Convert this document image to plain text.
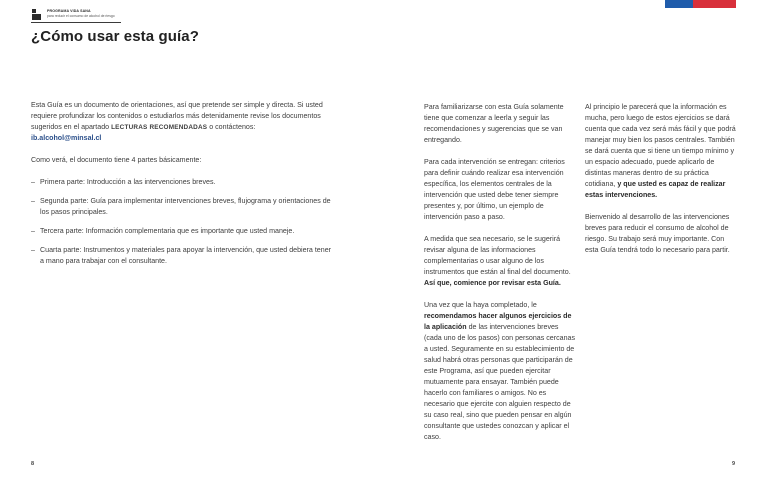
PROGRAMA VIDA SANA
para reducir el consumo de alcohol de riesgo
¿Cómo usar esta guía?

Esta Guía es un documento de orientaciones, así que pretende ser simple y directa. Si usted requiere profundizar los contenidos o estudiarlos más detenidamente revise los documentos sugeridos en el apartado LECTURAS RECOMENDADAS o contáctenos:
ib.alcohol@minsal.cl

Como verá, el documento tiene 4 partes básicamente:

– Primera parte: Introducción a las intervenciones breves.
– Segunda parte: Guía para implementar intervenciones breves, flujograma y orientaciones de los pasos principales.
– Tercera parte: Información complementaria que es importante que usted maneje.
– Cuarta parte: Instrumentos y materiales para apoyar la intervención, que usted debiera tener a mano para trabajar con el consultante.

Para familiarizarse con esta Guía solamente tiene que comenzar a leerla y seguir las recomendaciones y sugerencias que se van entregando.

Para cada intervención se entregan: criterios para definir cuándo realizar esa intervención específica, los elementos centrales de la intervención que usted debe tener siempre presentes y, por último, un ejemplo de intervención paso a paso.

A medida que sea necesario, se le sugerirá revisar alguna de las informaciones complementarias o usar alguno de los instrumentos que están al final del documento. Así que, comience por revisar esta Guía.

Una vez que la haya completado, le recomendamos hacer algunos ejercicios de la aplicación de las intervenciones breves (cada uno de los pasos) con personas cercanas a usted. Seguramente en su establecimiento de salud habrá otras personas que participarán de este Programa, así que pueden ejercitar mutuamente para ensayar. También puede hacerlo con familiares o amigos. No es necesario que ejercite con alguien respecto de su caso real, sino que pueden pensar en algún consultante que ustedes conozcan y aplicar el caso.

Al principio le parecerá que la información es mucha, pero luego de estos ejercicios se dará cuenta que cada vez será más fácil y que podrá manejar muy bien los pasos centrales. También se dará cuenta que si tiene un tiempo mínimo y un espacio adecuado, puede aplicarlo de distintas maneras dentro de su práctica cotidiana, y que usted es capaz de realizar estas intervenciones.

Bienvenido al desarrollo de las intervenciones breves para reducir el consumo de alcohol de riesgo. Su trabajo será muy importante. Con esta Guía tendrá todo lo necesario para partir.

8	9
